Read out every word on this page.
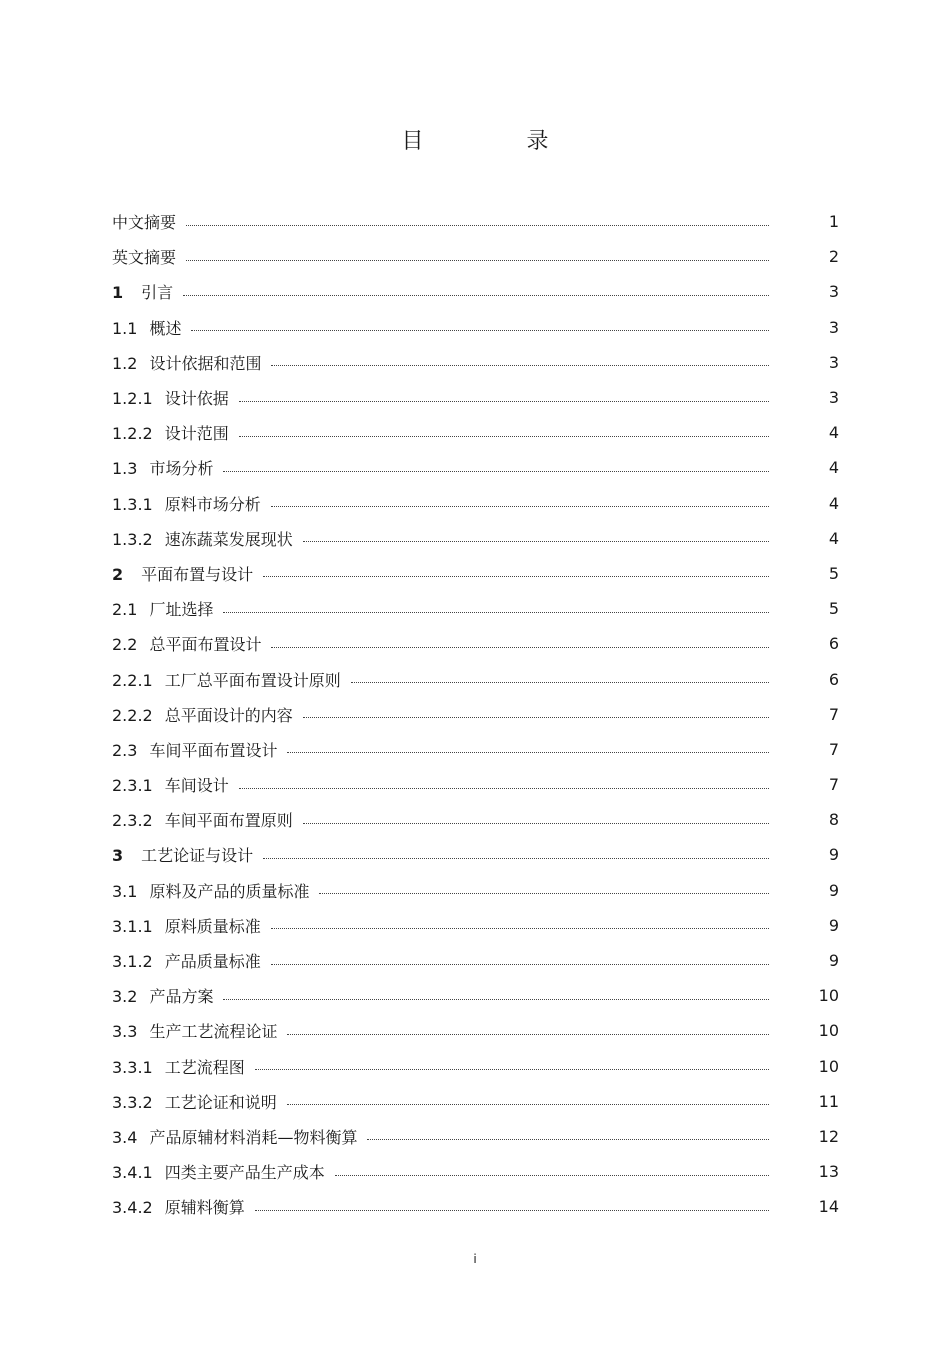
目 录
中文摘要	1
英文摘要	2
1 引言	3
1.1 概述	3
1.2 设计依据和范围	3
1.2.1 设计依据	3
1.2.2 设计范围	4
1.3 市场分析	4
1.3.1 原料市场分析	4
1.3.2 速冻蔬菜发展现状	4
2 平面布置与设计	5
2.1 厂址选择	5
2.2 总平面布置设计	6
2.2.1 工厂总平面布置设计原则	6
2.2.2 总平面设计的内容	7
2.3 车间平面布置设计	7
2.3.1 车间设计	7
2.3.2 车间平面布置原则	8
3 工艺论证与设计	9
3.1 原料及产品的质量标准	9
3.1.1 原料质量标准	9
3.1.2 产品质量标准	9
3.2 产品方案	10
3.3 生产工艺流程论证	10
3.3.1 工艺流程图	10
3.3.2 工艺论证和说明	11
3.4 产品原辅材料消耗—物料衡算	12
3.4.1 四类主要产品生产成本	13
3.4.2 原辅料衡算	14
i
